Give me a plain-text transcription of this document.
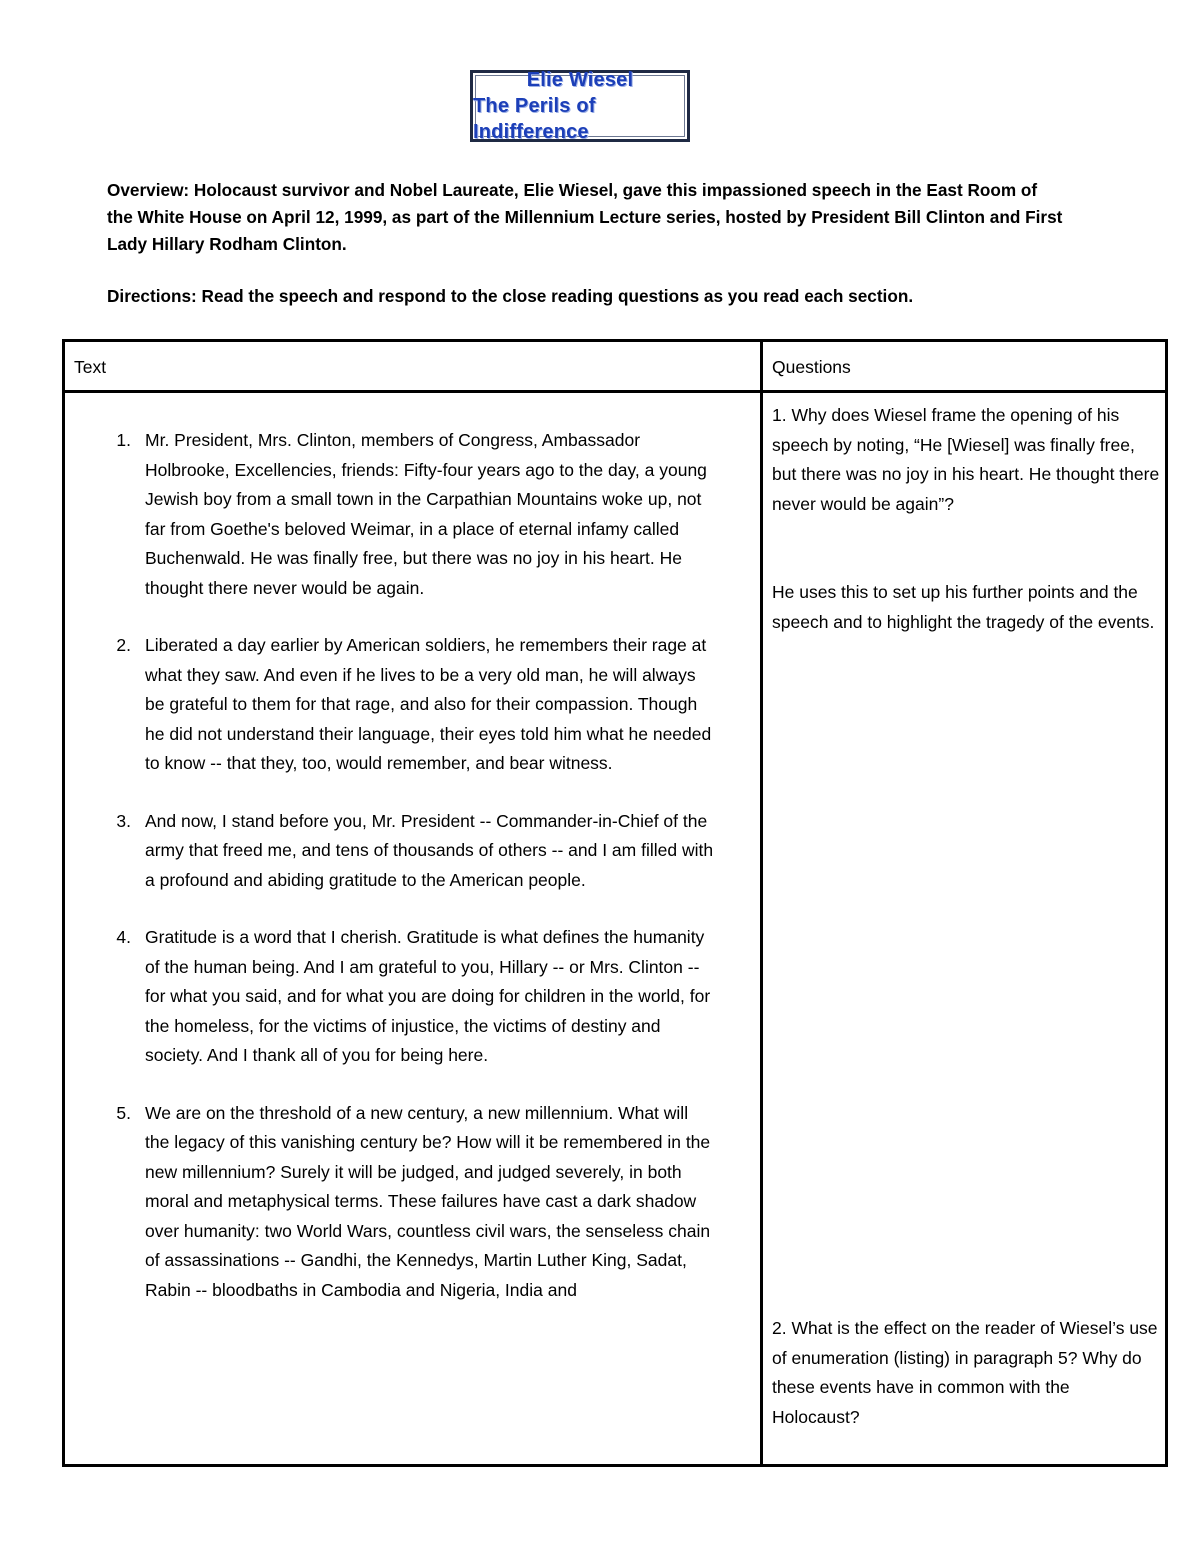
Elie Wiesel
The Perils of Indifference
Overview: Holocaust survivor and Nobel Laureate, Elie Wiesel, gave this impassioned speech in the East Room of the White House on April 12, 1999, as part of the Millennium Lecture series, hosted by President Bill Clinton and First Lady Hillary Rodham Clinton.
Directions: Read the speech and respond to the close reading questions as you read each section.
Text	Questions
1. Mr. President, Mrs. Clinton, members of Congress, Ambassador Holbrooke, Excellencies, friends: Fifty-four years ago to the day, a young Jewish boy from a small town in the Carpathian Mountains woke up, not far from Goethe's beloved Weimar, in a place of eternal infamy called Buchenwald. He was finally free, but there was no joy in his heart. He thought there never would be again.
2. Liberated a day earlier by American soldiers, he remembers their rage at what they saw. And even if he lives to be a very old man, he will always be grateful to them for that rage, and also for their compassion. Though he did not understand their language, their eyes told him what he needed to know -- that they, too, would remember, and bear witness.
3. And now, I stand before you, Mr. President -- Commander-in-Chief of the army that freed me, and tens of thousands of others -- and I am filled with a profound and abiding gratitude to the American people.
4. Gratitude is a word that I cherish. Gratitude is what defines the humanity of the human being. And I am grateful to you, Hillary -- or Mrs. Clinton -- for what you said, and for what you are doing for children in the world, for the homeless, for the victims of injustice, the victims of destiny and society. And I thank all of you for being here.
5. We are on the threshold of a new century, a new millennium. What will the legacy of this vanishing century be? How will it be remembered in the new millennium? Surely it will be judged, and judged severely, in both moral and metaphysical terms. These failures have cast a dark shadow over humanity: two World Wars, countless civil wars, the senseless chain of assassinations -- Gandhi, the Kennedys, Martin Luther King, Sadat, Rabin -- bloodbaths in Cambodia and Nigeria, India and
1. Why does Wiesel frame the opening of his speech by noting, “He [Wiesel] was finally free, but there was no joy in his heart. He thought there never would be again”?
He uses this to set up his further points and the speech and to highlight the tragedy of the events.
2. What is the effect on the reader of Wiesel’s use of enumeration (listing) in paragraph 5? Why do these events have in common with the Holocaust?
